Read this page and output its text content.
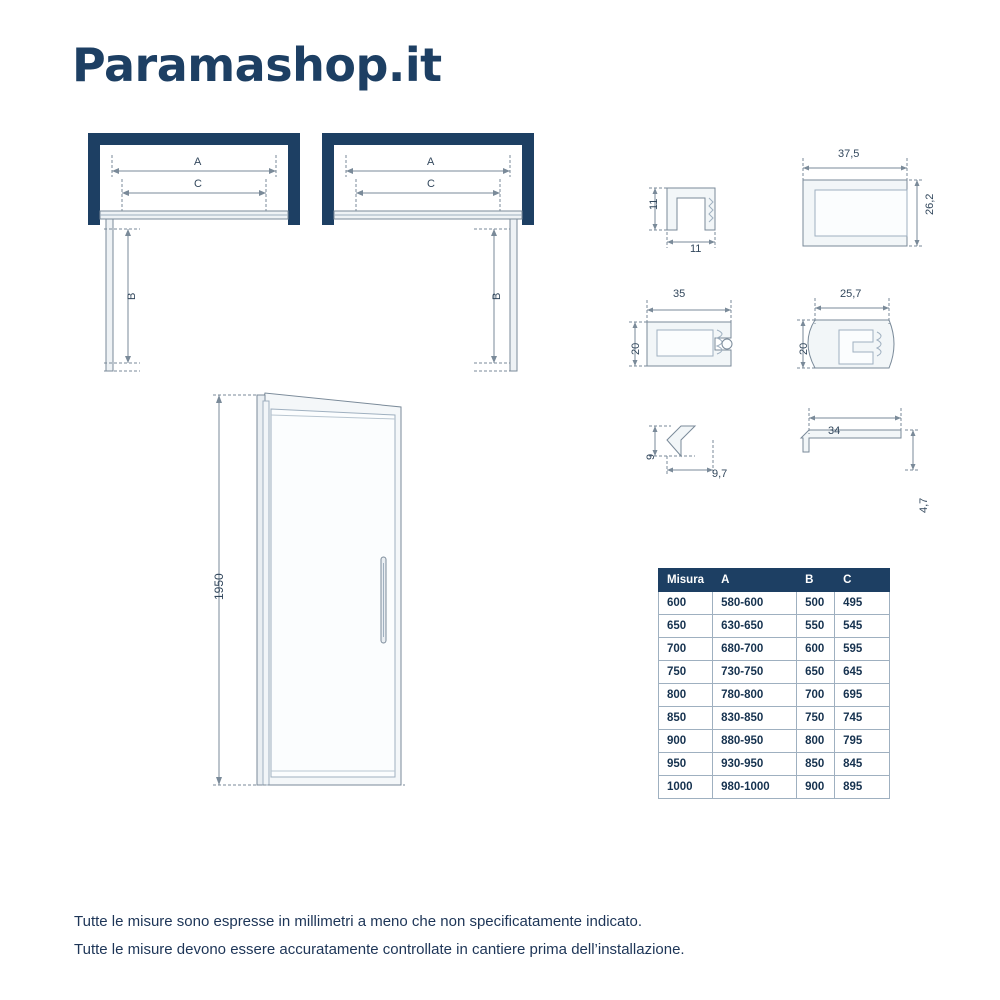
Paramashop.it
A
C
B
A
C
B
1950
11
11
37,5
26,2
35
20
25,7
20
9
9,7
34
4,7
Misura	A	B	C
600	580-600	500	495
650	630-650	550	545
700	680-700	600	595
750	730-750	650	645
800	780-800	700	695
850	830-850	750	745
900	880-950	800	795
950	930-950	850	845
1000	980-1000	900	895
Tutte le misure sono espresse in millimetri a meno che non specificatamente indicato.
Tutte le misure devono essere accuratamente controllate in cantiere prima dell’installazione.
